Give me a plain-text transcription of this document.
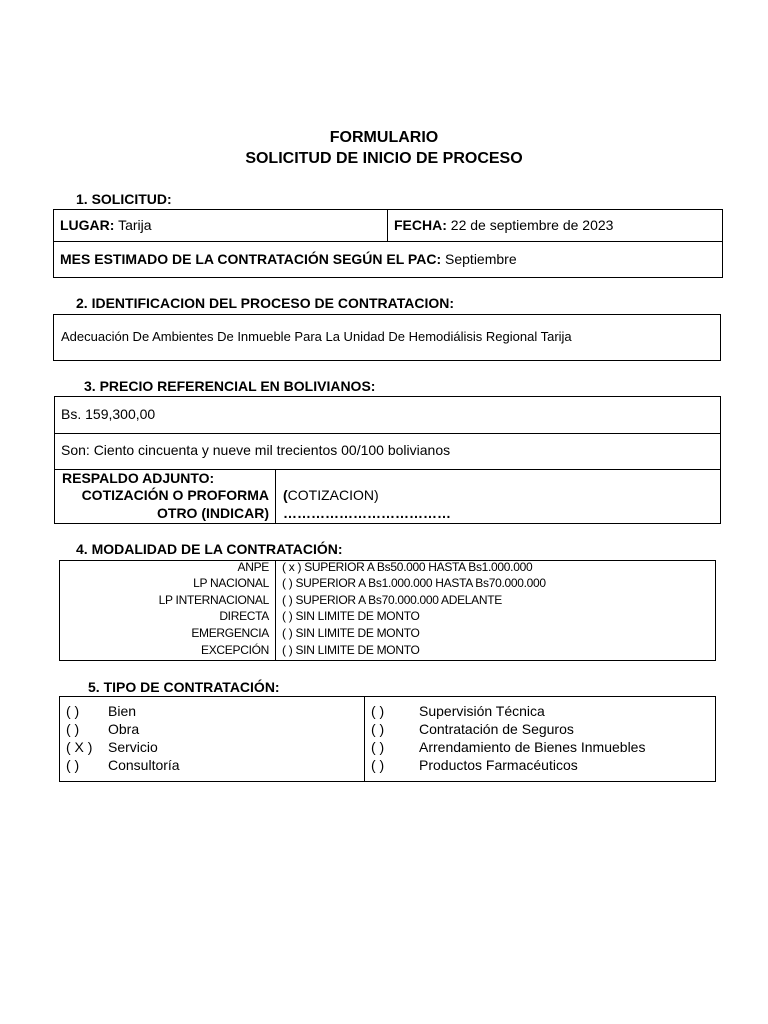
FORMULARIO
SOLICITUD DE INICIO DE PROCESO
1. SOLICITUD:
LUGAR: Tarija	FECHA: 22 de septiembre de 2023
MES ESTIMADO DE LA CONTRATACIÓN SEGÚN EL PAC: Septiembre
2. IDENTIFICACION DEL PROCESO DE CONTRATACION:
Adecuación De Ambientes De Inmueble Para La Unidad De Hemodiálisis Regional Tarija
3. PRECIO REFERENCIAL EN BOLIVIANOS:
Bs. 159,300,00
Son: Ciento cincuenta y nueve mil trecientos 00/100 bolivianos
RESPALDO ADJUNTO:
COTIZACIÓN O PROFORMA
OTRO (INDICAR)
(COTIZACION)
………………………………
4. MODALIDAD DE LA CONTRATACIÓN:
ANPE ( x ) SUPERIOR A Bs50.000 HASTA Bs1.000.000
LP NACIONAL ( ) SUPERIOR A Bs1.000.000 HASTA Bs70.000.000
LP INTERNACIONAL ( ) SUPERIOR A Bs70.000.000 ADELANTE
DIRECTA ( ) SIN LIMITE DE MONTO
EMERGENCIA ( ) SIN LIMITE DE MONTO
EXCEPCIÓN ( ) SIN LIMITE DE MONTO
5. TIPO DE CONTRATACIÓN:
( ) Bien
( ) Obra
( X ) Servicio
( ) Consultoría
( ) Supervisión Técnica
( ) Contratación de Seguros
( ) Arrendamiento de Bienes Inmuebles
( ) Productos Farmacéuticos
